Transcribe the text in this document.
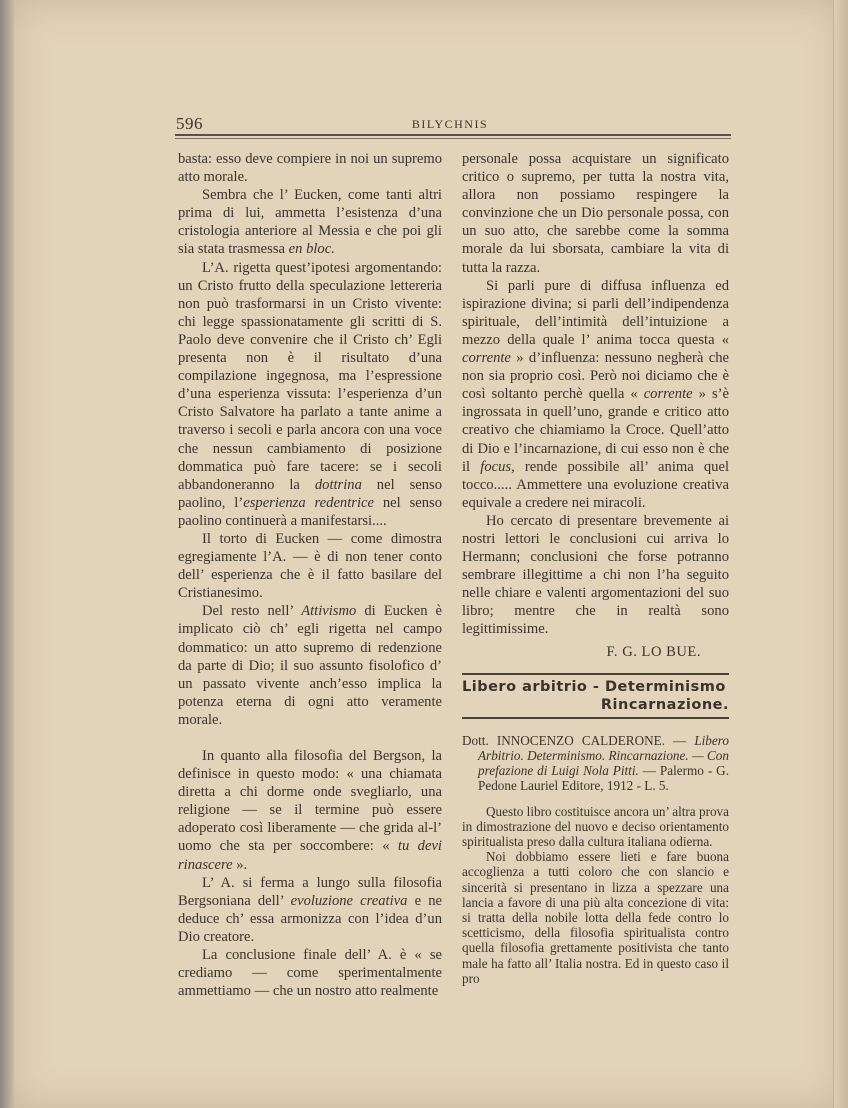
596	BILYCHNIS

basta: esso deve compiere in noi un supremo atto morale.

Sembra che l’ Eucken, come tanti altri prima di lui, ammetta l’esistenza d’una cristologia anteriore al Messia e che poi gli sia stata trasmessa en bloc.

L’A. rigetta quest’ipotesi argomentando: un Cristo frutto della speculazione lettereria non può trasformarsi in un Cristo vivente: chi legge spassionatamente gli scritti di S. Paolo deve convenire che il Cristo ch’ Egli presenta non è il risultato d’una compilazione ingegnosa, ma l’espressione d’una esperienza vissuta: l’esperienza d’un Cristo Salvatore ha parlato a tante anime a traverso i secoli e parla ancora con una voce che nessun cambiamento di posizione dommatica può fare tacere: se i secoli abbandoneranno la dottrina nel senso paolino, l’esperienza redentrice nel senso paolino continuerà a manifestarsi....

Il torto di Eucken — come dimostra egregiamente l’A. — è di non tener conto dell’ esperienza che è il fatto basilare del Cristianesimo.

Del resto nell’ Attivismo di Eucken è implicato ciò ch’ egli rigetta nel campo dommatico: un atto supremo di redenzione da parte di Dio; il suo assunto fisolofico d’ un passato vivente anch’esso implica la potenza eterna di ogni atto veramente morale.

In quanto alla filosofia del Bergson, la definisce in questo modo: « una chiamata diretta a chi dorme onde svegliarlo, una religione — se il termine può essere adoperato così liberamente — che grida al-l’ uomo che sta per soccombere: « tu devi rinascere ».

L’ A. si ferma a lungo sulla filosofia Bergsoniana dell’ evoluzione creativa e ne deduce ch’ essa armonizza con l’idea d’un Dio creatore.

La conclusione finale dell’ A. è « se crediamo — come sperimentalmente ammettiamo — che un nostro atto realmente

personale possa acquistare un significato critico o supremo, per tutta la nostra vita, allora non possiamo respingere la convinzione che un Dio personale possa, con un suo atto, che sarebbe come la somma morale da lui sborsata, cambiare la vita di tutta la razza.

Si parli pure di diffusa influenza ed ispirazione divina; si parli dell’indipendenza spirituale, dell’intimità dell’intuizione a mezzo della quale l’ anima tocca questa « corrente » d’influenza: nessuno negherà che non sia proprio così. Però noi diciamo che è così soltanto perchè quella « corrente » s’è ingrossata in quell’uno, grande e critico atto creativo che chiamiamo la Croce. Quell’atto di Dio e l’incarnazione, di cui esso non è che il focus, rende possibile all’ anima quel tocco..... Ammettere una evoluzione creativa equivale a credere nei miracoli.

Ho cercato di presentare brevemente ai nostri lettori le conclusioni cui arriva lo Hermann; conclusioni che forse potranno sembrare illegittime a chi non l’ha seguito nelle chiare e valenti argomentazioni del suo libro; mentre che in realtà sono legittimissime.

F. G. LO BUE.
Libero arbitrio - Determinismo
Rincarnazione.
Dott. INNOCENZO CALDERONE. — Libero Arbitrio. Determinismo. Rincarnazione. — Con prefazione di Luigi Nola Pitti. — Palermo - G. Pedone Lauriel Editore, 1912 - L. 5.

Questo libro costituisce ancora un’ altra prova in dimostrazione del nuovo e deciso orientamento spiritualista preso dalla cultura italiana odierna.

Noi dobbiamo essere lieti e fare buona accoglienza a tutti coloro che con slancio e sincerità si presentano in lizza a spezzare una lancia a favore di una più alta concezione di vita: si tratta della nobile lotta della fede contro lo scetticismo, della filosofia spiritualista contro quella filosofia grettamente positivista che tanto male ha fatto all’ Italia nostra. Ed in questo caso il pro
